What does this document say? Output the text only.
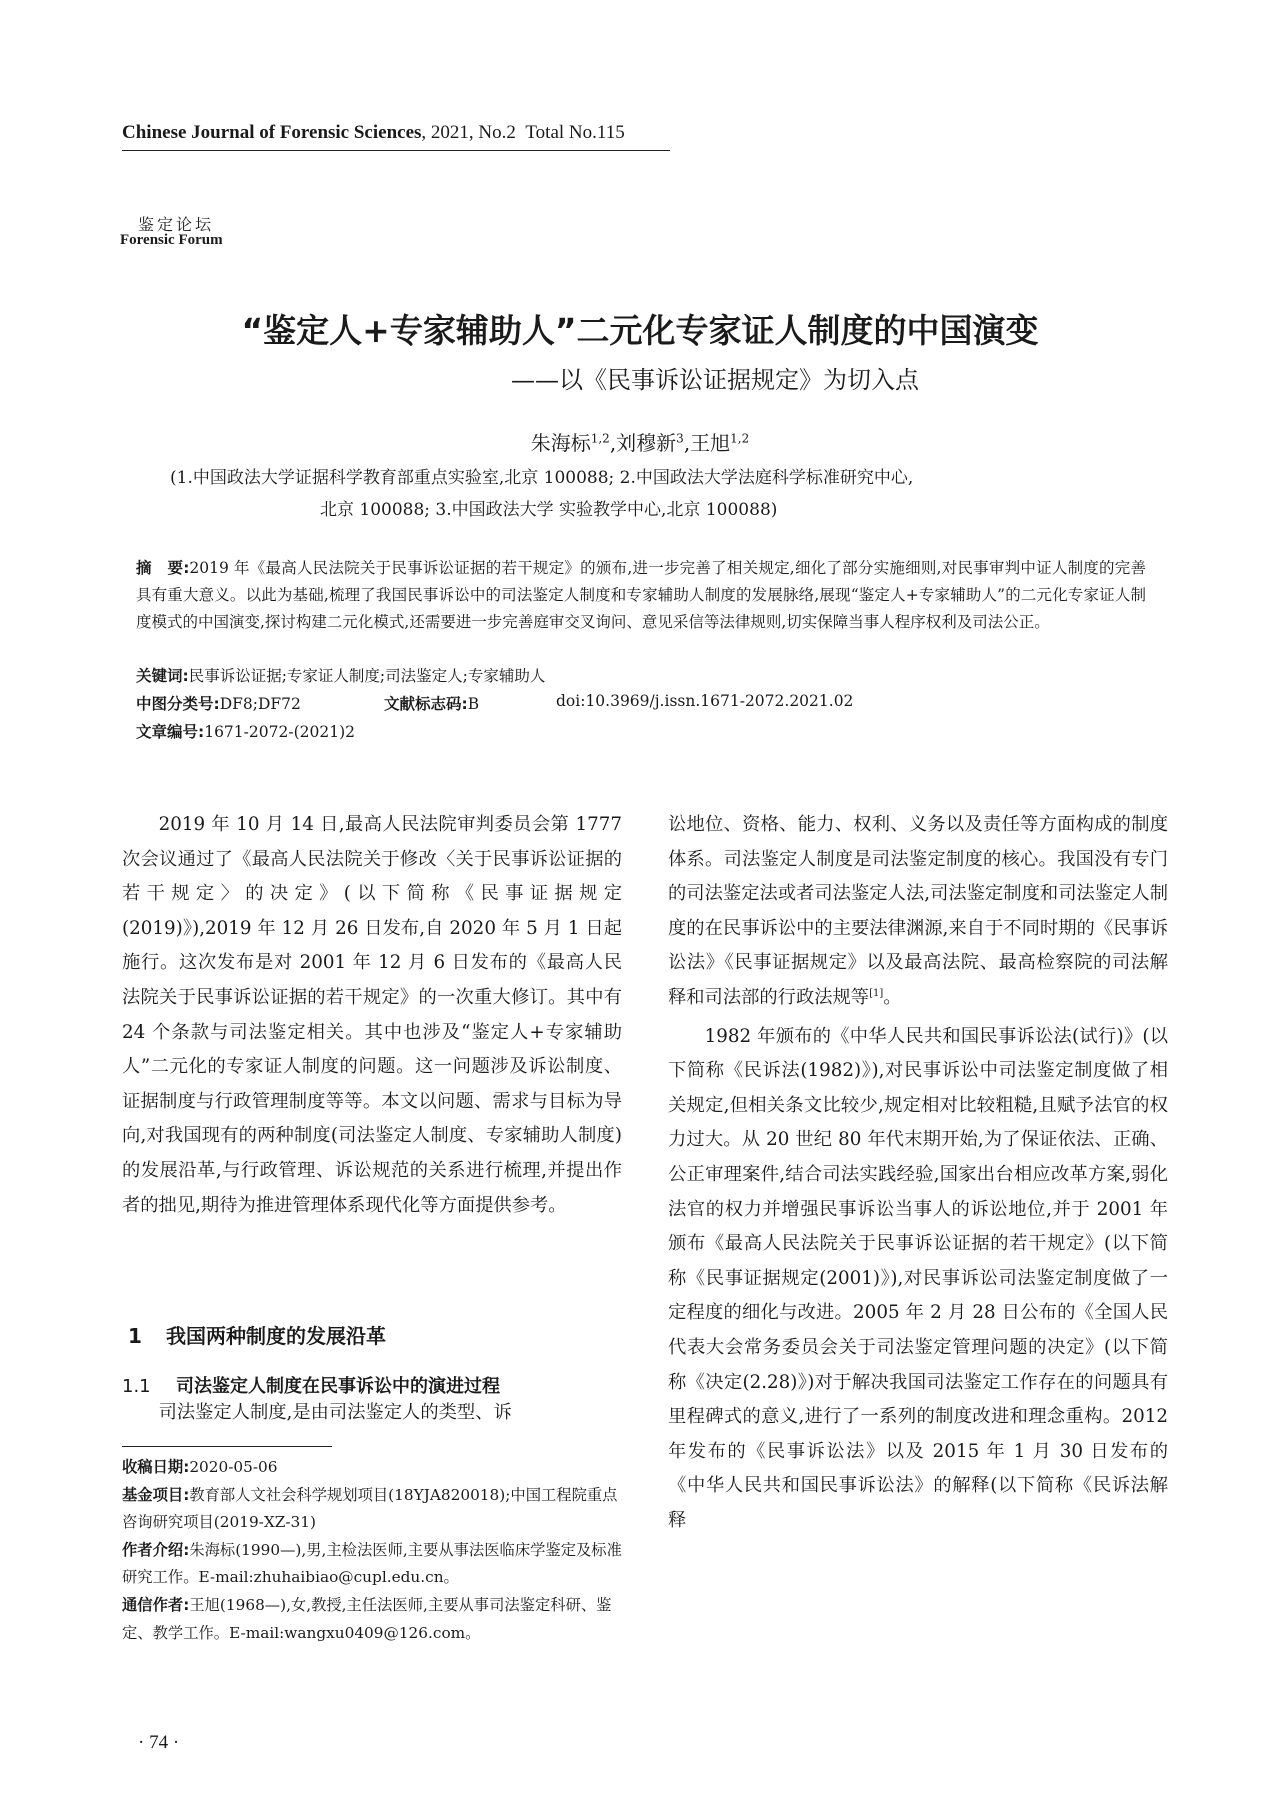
Chinese Journal of Forensic Sciences, 2021, No.2 Total No.115
鉴定论坛
Forensic Forum
“鉴定人+专家辅助人”二元化专家证人制度的中国演变
——以《民事诉讼证据规定》为切入点
朱海标$^{1,2}$,刘穆新$^3$,王旭$^{1,2}$
(1.中国政法大学证据科学教育部重点实验室,北京 100088; 2.中国政法大学法庭科学标准研究中心,
北京 100088; 3.中国政法大学 实验教学中心,北京 100088)
摘　要:2019 年《最高人民法院关于民事诉讼证据的若干规定》的颁布,进一步完善了相关规定,细化了部分实施细则,对民事审判中证人制度的完善具有重大意义。以此为基础,梳理了我国民事诉讼中的司法鉴定人制度和专家辅助人制度的发展脉络,展现“鉴定人+专家辅助人”的二元化专家证人制度模式的中国演变,探讨构建二元化模式,还需要进一步完善庭审交叉询问、意见采信等法律规则,切实保障当事人程序权利及司法公正。
关键词:民事诉讼证据;专家证人制度;司法鉴定人;专家辅助人
中图分类号:DF8;DF72	文献标志码:B	doi:10.3969/j.issn.1671-2072.2021.02
文章编号:1671-2072-(2021)2

2019 年 10 月 14 日,最高人民法院审判委员会第 1777 次会议通过了《最高人民法院关于修改〈关于民事诉讼证据的若干规定〉的决定》(以下简称《民事证据规定(2019)》),2019 年 12 月 26 日发布,自 2020 年 5 月 1 日起施行。这次发布是对 2001 年 12 月 6 日发布的《最高人民法院关于民事诉讼证据的若干规定》的一次重大修订。其中有 24 个条款与司法鉴定相关。其中也涉及“鉴定人+专家辅助人”二元化的专家证人制度的问题。这一问题涉及诉讼制度、证据制度与行政管理制度等等。本文以问题、需求与目标为导向,对我国现有的两种制度(司法鉴定人制度、专家辅助人制度)的发展沿革,与行政管理、诉讼规范的关系进行梳理,并提出作者的拙见,期待为推进管理体系现代化等方面提供参考。

1 我国两种制度的发展沿革
1.1 司法鉴定人制度在民事诉讼中的演进过程

司法鉴定人制度,是由司法鉴定人的类型、诉

收稿日期:2020-05-06
基金项目:教育部人文社会科学规划项目(18YJA820018);中国工程院重点咨询研究项目(2019-XZ-31)
作者介绍:朱海标(1990—),男,主检法医师,主要从事法医临床学鉴定及标准研究工作。E-mail:zhuhaibiao@cupl.edu.cn。
通信作者:王旭(1968—),女,教授,主任法医师,主要从事司法鉴定科研、鉴定、教学工作。E-mail:wangxu0409@126.com。

讼地位、资格、能力、权利、义务以及责任等方面构成的制度体系。司法鉴定人制度是司法鉴定制度的核心。我国没有专门的司法鉴定法或者司法鉴定人法,司法鉴定制度和司法鉴定人制度的在民事诉讼中的主要法律渊源,来自于不同时期的《民事诉讼法》《民事证据规定》以及最高法院、最高检察院的司法解释和司法部的行政法规等[1]。

1982 年颁布的《中华人民共和国民事诉讼法(试行)》(以下简称《民诉法(1982)》),对民事诉讼中司法鉴定制度做了相关规定,但相关条文比较少,规定相对比较粗糙,且赋予法官的权力过大。从 20 世纪 80 年代末期开始,为了保证依法、正确、公正审理案件,结合司法实践经验,国家出台相应改革方案,弱化法官的权力并增强民事诉讼当事人的诉讼地位,并于 2001 年颁布《最高人民法院关于民事诉讼证据的若干规定》(以下简称《民事证据规定(2001)》),对民事诉讼司法鉴定制度做了一定程度的细化与改进。2005 年 2 月 28 日公布的《全国人民代表大会常务委员会关于司法鉴定管理问题的决定》(以下简称《决定(2.28)》)对于解决我国司法鉴定工作存在的问题具有里程碑式的意义,进行了一系列的制度改进和理念重构。2012 年发布的《民事诉讼法》以及 2015 年 1 月 30 日发布的《中华人民共和国民事诉讼法》的解释(以下简称《民诉法解释

· 74 ·
